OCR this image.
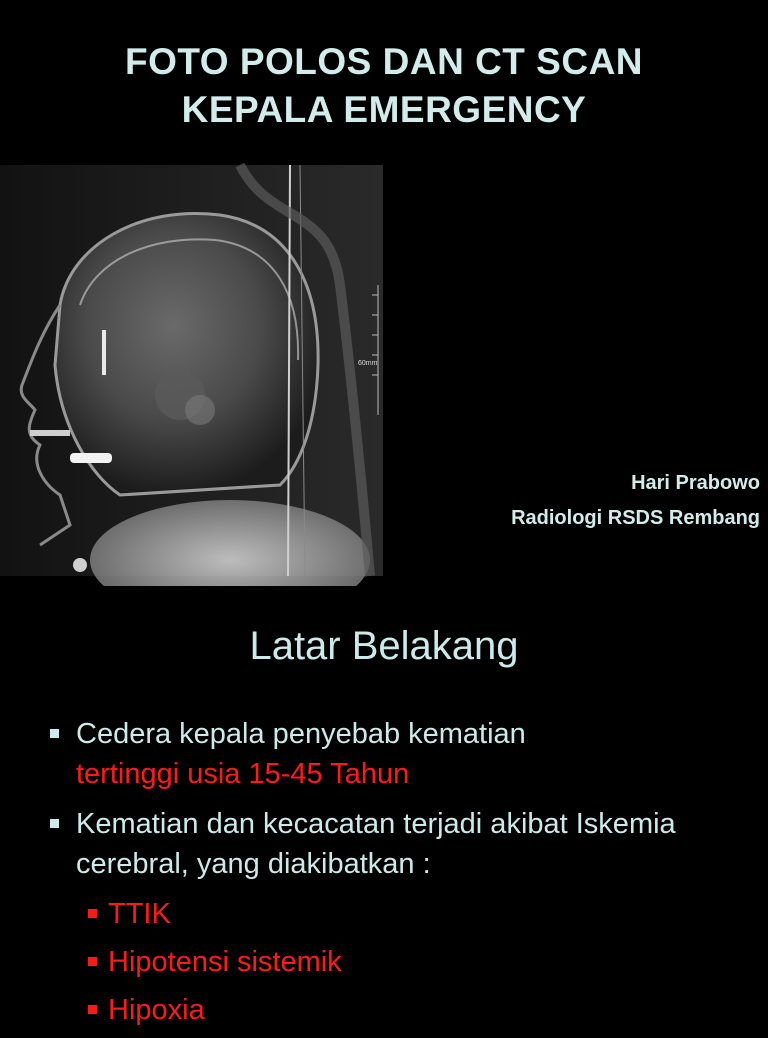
FOTO POLOS DAN CT SCAN
KEPALA EMERGENCY
60mm
Hari Prabowo
Radiologi RSDS Rembang
Latar Belakang
Cedera kepala penyebab kematian
tertinggi usia 15-45 Tahun
Kematian dan kecacatan terjadi akibat Iskemia cerebral, yang diakibatkan :
TTIK
Hipotensi sistemik
Hipoxia
